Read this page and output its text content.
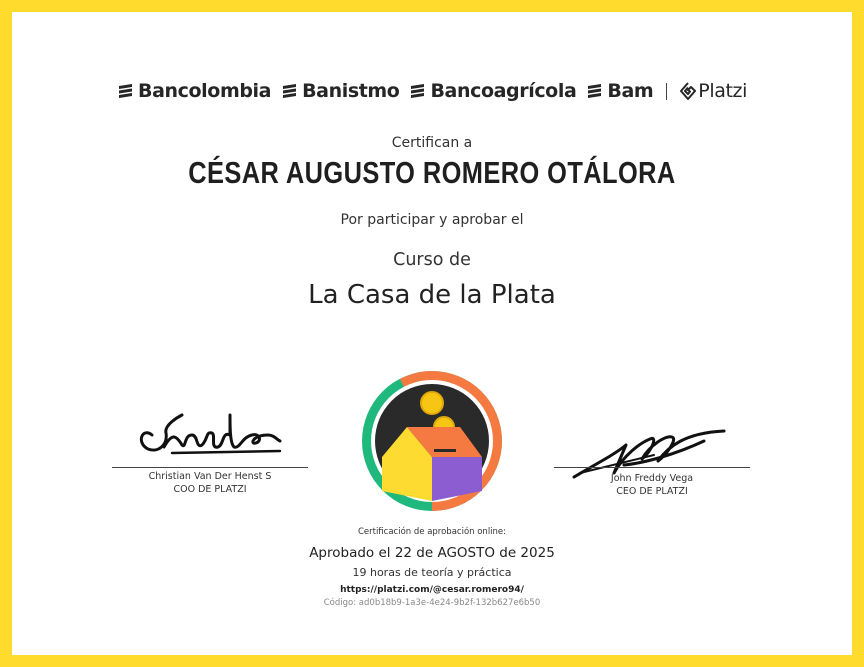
Bancolombia Banistmo Bancoagrícola Bam Platzi
Certifican a
CÉSAR AUGUSTO ROMERO OTÁLORA
Por participar y aprobar el
Curso de
La Casa de la Plata
Christian Van Der Henst S
COO DE PLATZI
John Freddy Vega
CEO DE PLATZI
Certificación de aprobación online:
Aprobado el 22 de AGOSTO de 2025
19 horas de teoría y práctica
https://platzi.com/@cesar.romero94/
Código: ad0b18b9-1a3e-4e24-9b2f-132b627e6b50
